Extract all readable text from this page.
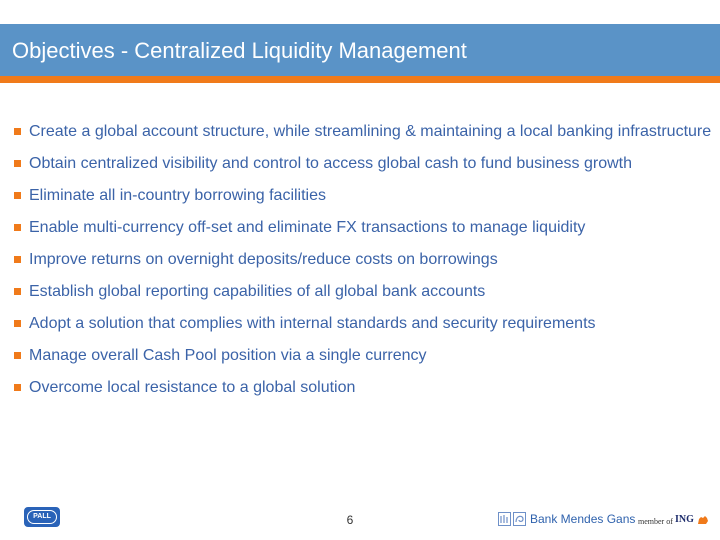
Objectives - Centralized Liquidity Management
Create a global account structure, while streamlining & maintaining a local banking infrastructure
Obtain centralized visibility and control to access global cash to fund business growth
Eliminate all in-country borrowing facilities
Enable multi-currency off-set and eliminate FX transactions to manage liquidity
Improve returns on overnight deposits/reduce costs on borrowings
Establish global reporting capabilities of all global bank accounts
Adopt a solution that complies with internal standards and security requirements
Manage overall Cash Pool position via a single currency
Overcome local resistance to a global solution
PALL	6	Bank Mendes Gans member of ING
